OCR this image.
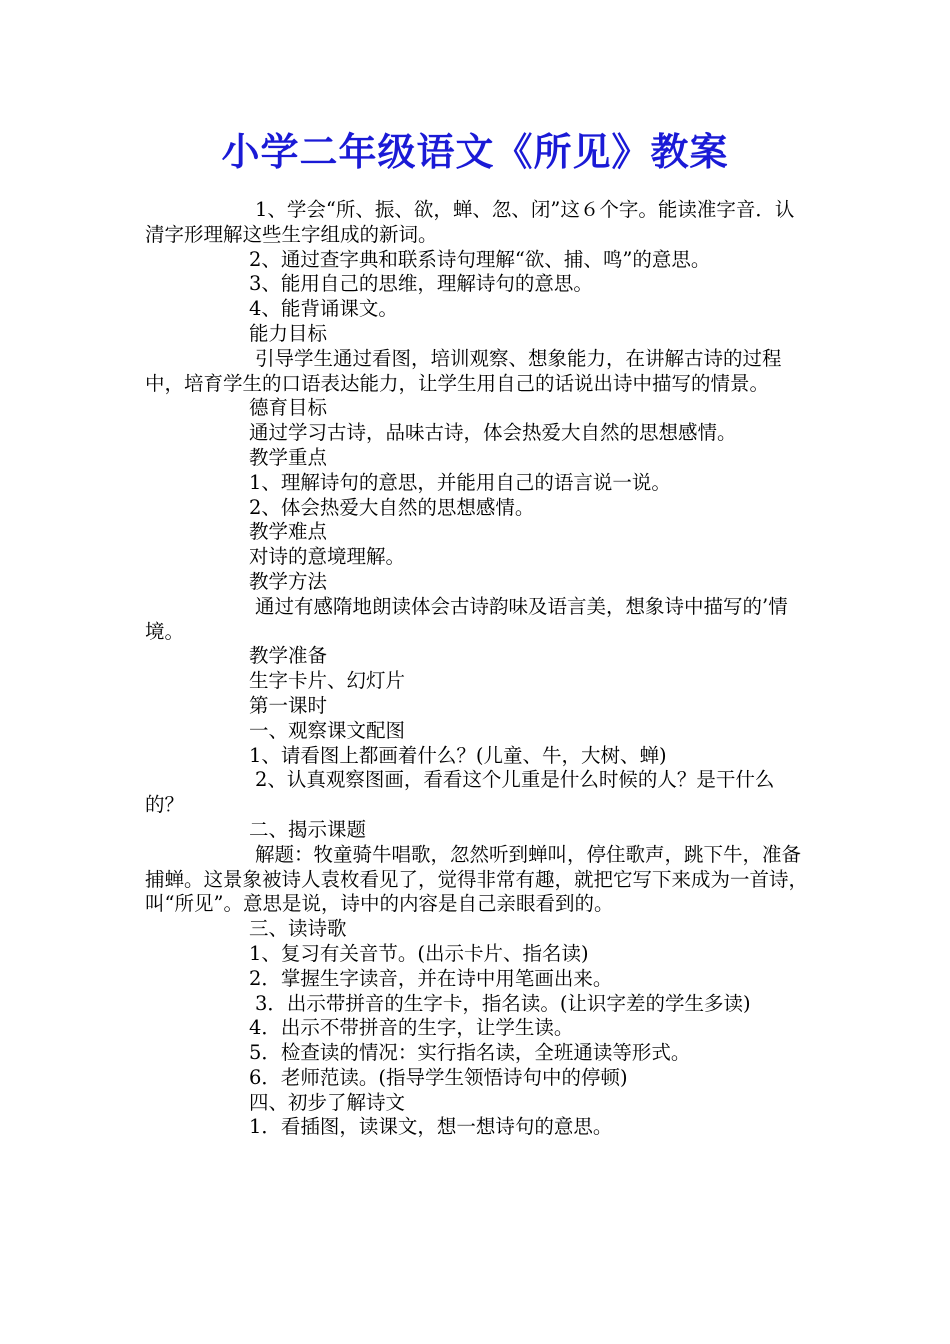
小学二年级语文《所见》教案

1、学会“所、振、欲，蝉、忽、闭”这６个字。能读准字音．认清字形理解这些生字组成的新词。

2、通过查字典和联系诗句理解“欲、捕、鸣”的意思。

3、能用自己的思维，理解诗句的意思。

4、能背诵课文。

能力目标

引导学生通过看图，培训观察、想象能力，在讲解古诗的过程中，培育学生的口语表达能力，让学生用自己的话说出诗中描写的情景。

德育目标

通过学习古诗，品味古诗，体会热爱大自然的思想感情。

教学重点

1、理解诗句的意思，并能用自己的语言说一说。

2、体会热爱大自然的思想感情。

教学难点

对诗的意境理解。

教学方法

通过有感隋地朗读体会古诗韵味及语言美，想象诗中描写的’情境。

教学准备

生字卡片、幻灯片

第一课时

一、观察课文配图

1、请看图上都画着什么？(儿童、牛，大树、蝉)

2、认真观察图画，看看这个儿重是什么时候的人？是干什么的？

二、揭示课题

解题：牧童骑牛唱歌，忽然听到蝉叫，停住歌声，跳下牛，准备捕蝉。这景象被诗人袁枚看见了，觉得非常有趣，就把它写下来成为一首诗，叫“所见”。意思是说，诗中的内容是自己亲眼看到的。

三、读诗歌

1、复习有关音节。(出示卡片、指名读)

2．掌握生字读音，并在诗中用笔画出来。

3．出示带拼音的生字卡，指名读。(让识字差的学生多读)

4．出示不带拼音的生字，让学生读。

5．检查读的情况：实行指名读，全班通读等形式。

6．老师范读。(指导学生领悟诗句中的停顿)

四、初步了解诗文

1．看插图，读课文，想一想诗句的意思。
